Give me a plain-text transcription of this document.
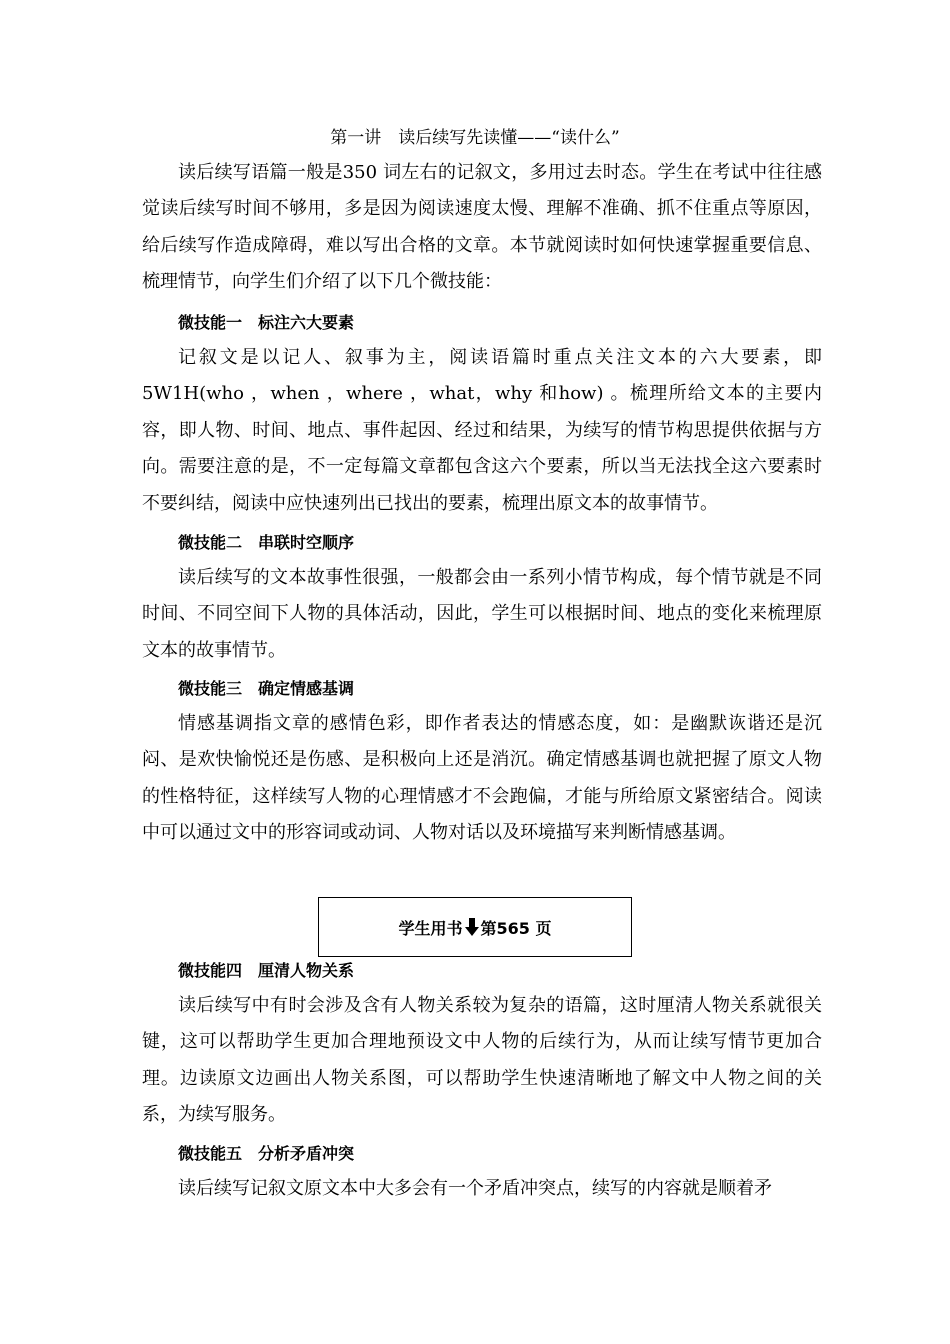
第一讲　读后续写先读懂——“读什么”

读后续写语篇一般是350 词左右的记叙文，多用过去时态。学生在考试中往往感觉读后续写时间不够用，多是因为阅读速度太慢、理解不准确、抓不住重点等原因，给后续写作造成障碍，难以写出合格的文章。本节就阅读时如何快速掌握重要信息、梳理情节，向学生们介绍了以下几个微技能：

微技能一　标注六大要素

记叙文是以记人、叙事为主，阅读语篇时重点关注文本的六大要素，即5W1H(who ，when ，where ，what，why 和how) 。梳理所给文本的主要内容，即人物、时间、地点、事件起因、经过和结果，为续写的情节构思提供依据与方向。需要注意的是，不一定每篇文章都包含这六个要素，所以当无法找全这六要素时不要纠结，阅读中应快速列出已找出的要素，梳理出原文本的故事情节。

微技能二　串联时空顺序

读后续写的文本故事性很强，一般都会由一系列小情节构成，每个情节就是不同时间、不同空间下人物的具体活动，因此，学生可以根据时间、地点的变化来梳理原文本的故事情节。

微技能三　确定情感基调

情感基调指文章的感情色彩，即作者表达的情感态度，如：是幽默诙谐还是沉闷、是欢快愉悦还是伤感、是积极向上还是消沉。确定情感基调也就把握了原文人物的性格特征，这样续写人物的心理情感才不会跑偏，才能与所给原文紧密结合。阅读中可以通过文中的形容词或动词、人物对话以及环境描写来判断情感基调。

学生用书 第565 页
微技能四　厘清人物关系

读后续写中有时会涉及含有人物关系较为复杂的语篇，这时厘清人物关系就很关键，这可以帮助学生更加合理地预设文中人物的后续行为，从而让续写情节更加合理。边读原文边画出人物关系图，可以帮助学生快速清晰地了解文中人物之间的关系，为续写服务。

微技能五　分析矛盾冲突

读后续写记叙文原文本中大多会有一个矛盾冲突点，续写的内容就是顺着矛
